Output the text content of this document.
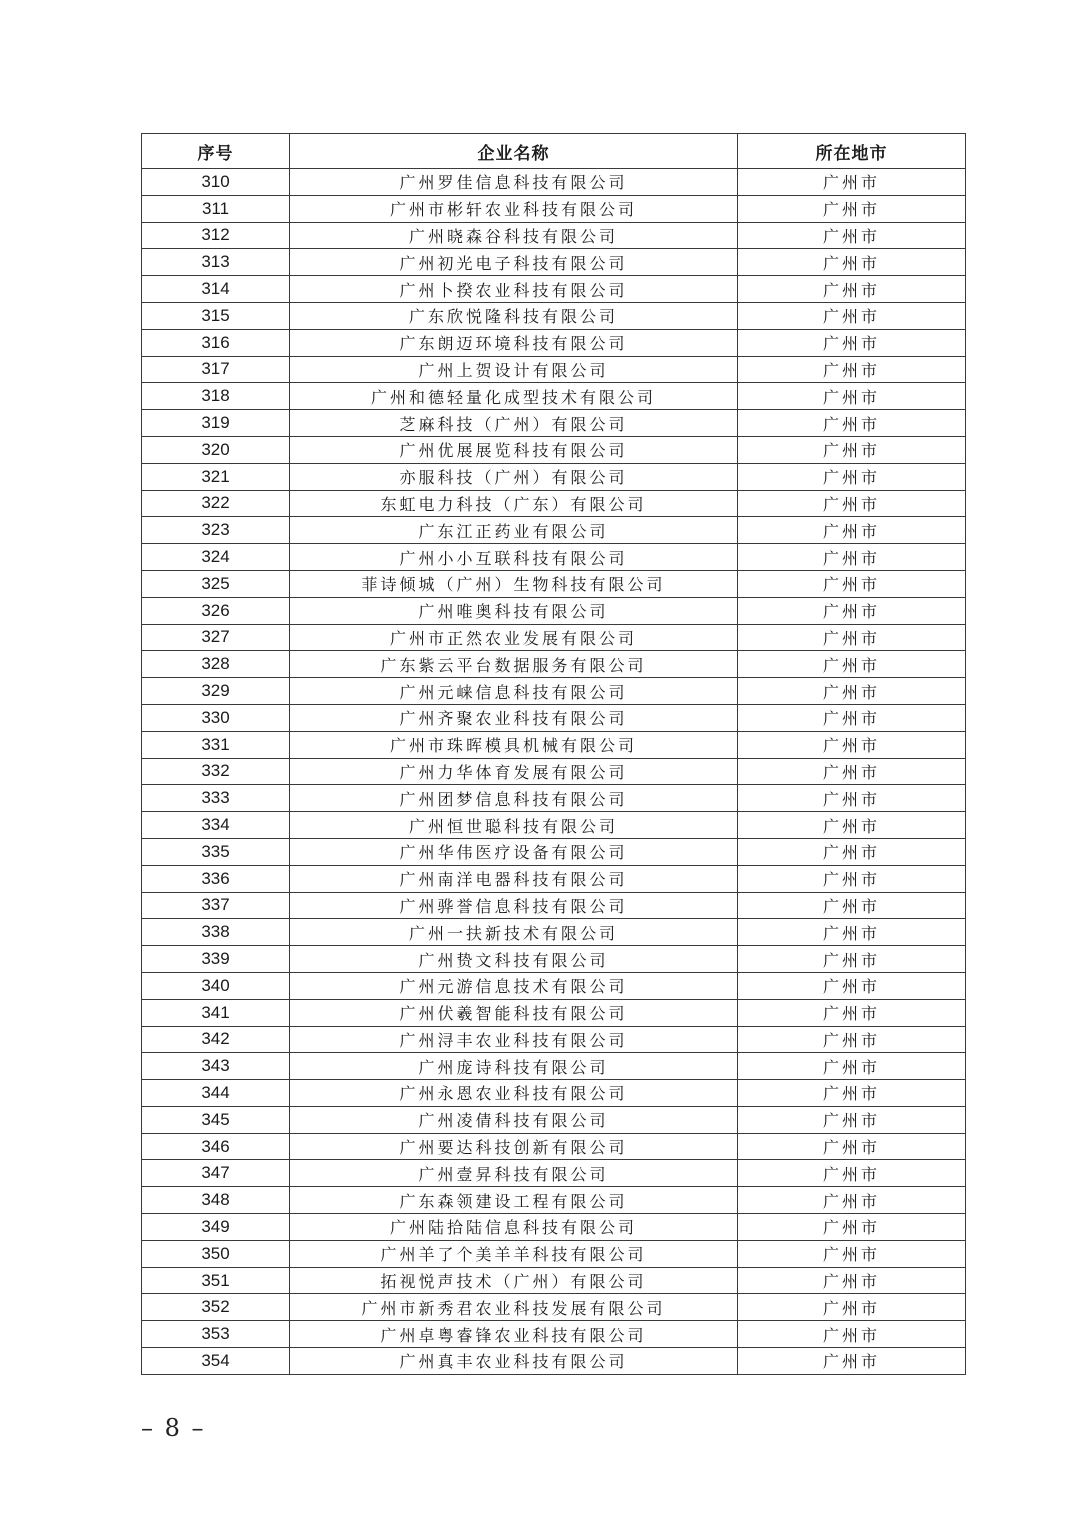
序号	企业名称	所在地市
310	广州罗佳信息科技有限公司	广州市
311	广州市彬轩农业科技有限公司	广州市
312	广州晓森谷科技有限公司	广州市
313	广州初光电子科技有限公司	广州市
314	广州卜揆农业科技有限公司	广州市
315	广东欣悦隆科技有限公司	广州市
316	广东朗迈环境科技有限公司	广州市
317	广州上贺设计有限公司	广州市
318	广州和德轻量化成型技术有限公司	广州市
319	芝麻科技（广州）有限公司	广州市
320	广州优展展览科技有限公司	广州市
321	亦服科技（广州）有限公司	广州市
322	东虹电力科技（广东）有限公司	广州市
323	广东江正药业有限公司	广州市
324	广州小小互联科技有限公司	广州市
325	菲诗倾城（广州）生物科技有限公司	广州市
326	广州唯奥科技有限公司	广州市
327	广州市正然农业发展有限公司	广州市
328	广东紫云平台数据服务有限公司	广州市
329	广州元崃信息科技有限公司	广州市
330	广州齐聚农业科技有限公司	广州市
331	广州市珠晖模具机械有限公司	广州市
332	广州力华体育发展有限公司	广州市
333	广州团梦信息科技有限公司	广州市
334	广州恒世聪科技有限公司	广州市
335	广州华伟医疗设备有限公司	广州市
336	广州南洋电器科技有限公司	广州市
337	广州骅誉信息科技有限公司	广州市
338	广州一扶新技术有限公司	广州市
339	广州贽文科技有限公司	广州市
340	广州元游信息技术有限公司	广州市
341	广州伏羲智能科技有限公司	广州市
342	广州浔丰农业科技有限公司	广州市
343	广州庞诗科技有限公司	广州市
344	广州永恩农业科技有限公司	广州市
345	广州凌倩科技有限公司	广州市
346	广州要达科技创新有限公司	广州市
347	广州壹昇科技有限公司	广州市
348	广东森领建设工程有限公司	广州市
349	广州陆拾陆信息科技有限公司	广州市
350	广州羊了个美羊羊科技有限公司	广州市
351	拓视悦声技术（广州）有限公司	广州市
352	广州市新秀君农业科技发展有限公司	广州市
353	广州卓粤睿锋农业科技有限公司	广州市
354	广州真丰农业科技有限公司	广州市
– 8 –
